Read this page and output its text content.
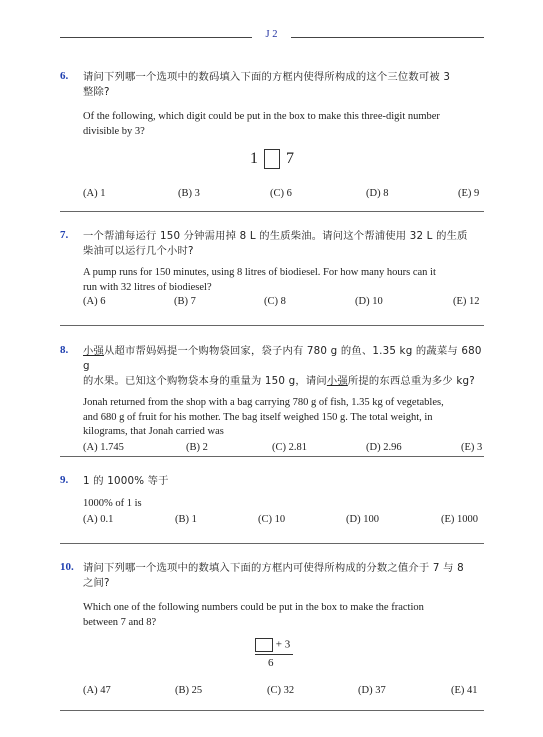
J 2
6. 请问下列哪一个选项中的数码填入下面的方框内使得所构成的这个三位数可被 3
整除?

Of the following, which digit could be put in the box to make this three-digit number
divisible by 3?

1 7
(A) 1	(B) 3	(C) 6	(D) 8	(E) 9
7. 一个帮浦每运行 150 分钟需用掉 8 L 的生质柴油。请问这个帮浦使用 32 L 的生质
柴油可以运行几个小时?

A pump runs for 150 minutes, using 8 litres of biodiesel. For how many hours can it
run with 32 litres of biodiesel?

(A) 6	(B) 7	(C) 8	(D) 10	(E) 12
8. 小强从超市帮妈妈提一个购物袋回家，袋子内有 780 g 的鱼、1.35 kg 的蔬菜与 680 g
的水果。已知这个购物袋本身的重量为 150 g，请问小强所提的东西总重为多少 kg?

Jonah returned from the shop with a bag carrying 780 g of fish, 1.35 kg of vegetables,
and 680 g of fruit for his mother. The bag itself weighed 150 g. The total weight, in
kilograms, that Jonah carried was

(A) 1.745	(B) 2	(C) 2.81	(D) 2.96	(E) 3
9. 1 的 1000% 等于

1000% of 1 is

(A) 0.1	(B) 1	(C) 10	(D) 100	(E) 1000
10. 请问下列哪一个选项中的数填入下面的方框内可使得所构成的分数之值介于 7 与 8
之间?

Which one of the following numbers could be put in the box to make the fraction
between 7 and 8?

+ 3
6
(A) 47	(B) 25	(C) 32	(D) 37	(E) 41
